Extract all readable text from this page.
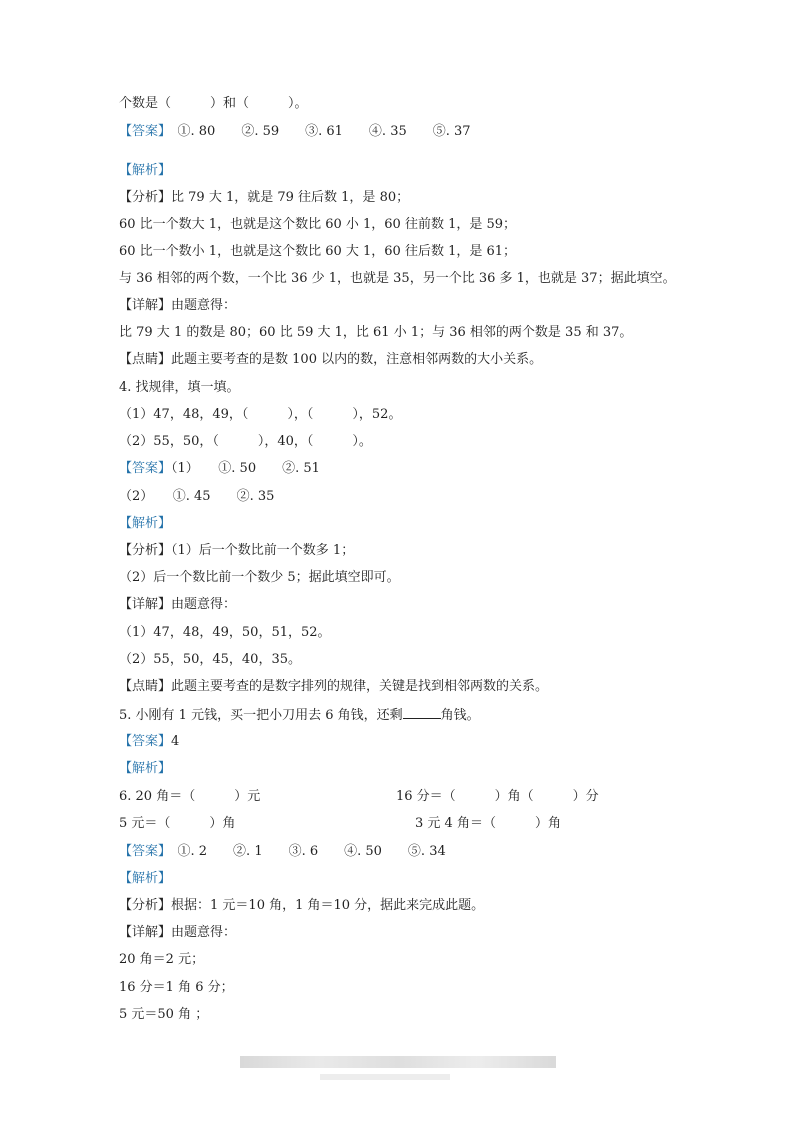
个数是（　　　）和（　　　）。
【答案】　①. 80　　②. 59　　③. 61　　④. 35　　⑤. 37
【解析】
【分析】比 79 大 1，就是 79 往后数 1，是 80；
60 比一个数大 1，也就是这个数比 60 小 1，60 往前数 1，是 59；
60 比一个数小 1，也就是这个数比 60 大 1，60 往后数 1，是 61；
与 36 相邻的两个数，一个比 36 少 1，也就是 35，另一个比 36 多 1，也就是 37；据此填空。
【详解】由题意得：
比 79 大 1 的数是 80；60 比 59 大 1，比 61 小 1；与 36 相邻的两个数是 35 和 37。
【点睛】此题主要考查的是数 100 以内的数，注意相邻两数的大小关系。
4. 找规律，填一填。
（1）47，48，49，（　　　），（　　　），52。
（2）55，50，（　　　），40，（　　　）。
【答案】（1）　　①. 50　　②. 51
（2）　　①. 45　　②. 35
【解析】
【分析】（1）后一个数比前一个数多 1；
（2）后一个数比前一个数少 5；据此填空即可。
【详解】由题意得：
（1）47，48，49，50，51，52。
（2）55，50，45，40，35。
【点睛】此题主要考查的是数字排列的规律，关键是找到相邻两数的关系。
5. 小刚有 1 元钱，买一把小刀用去 6 角钱，还剩	角钱。
【答案】4
【解析】
6. 20 角＝（　　　）元	16 分＝（　　　）角（　　　）分
5 元＝（　　　）角	3 元 4 角＝（　　　）角
【答案】　①. 2　　②. 1　　③. 6　　④. 50　　⑤. 34
【解析】
【分析】根据：1 元＝10 角，1 角＝10 分，据此来完成此题。
【详解】由题意得：
20 角＝2 元；
16 分＝1 角 6 分；
5 元＝50 角 ；
